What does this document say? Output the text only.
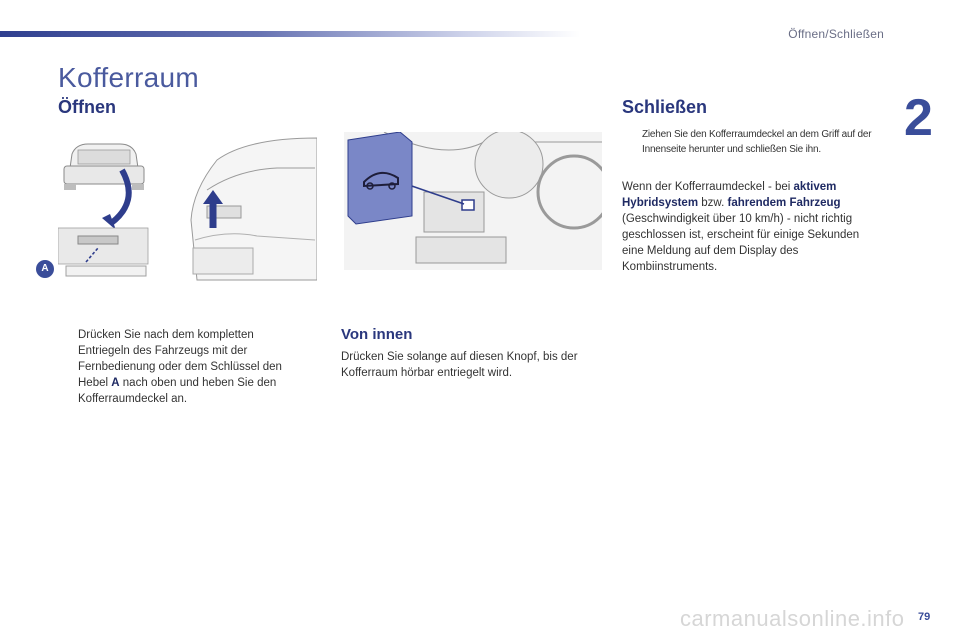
Öffnen/Schließen
2
Kofferraum
Öffnen
A
Drücken Sie nach dem kompletten Entriegeln des Fahrzeugs mit der Fernbedienung oder dem Schlüssel den Hebel A nach oben und heben Sie den Kofferraumdeckel an.
Von innen
Drücken Sie solange auf diesen Knopf, bis der Kofferraum hörbar entriegelt wird.
Schließen
Ziehen Sie den Kofferraumdeckel an dem Griff auf der Innenseite herunter und schließen Sie ihn.
Wenn der Kofferraumdeckel - bei aktivem Hybridsystem bzw. fahrendem Fahrzeug (Geschwindigkeit über 10 km/h) - nicht richtig geschlossen ist, erscheint für einige Sekunden eine Meldung auf dem Display des Kombiinstruments.
carmanualsonline.info 79
